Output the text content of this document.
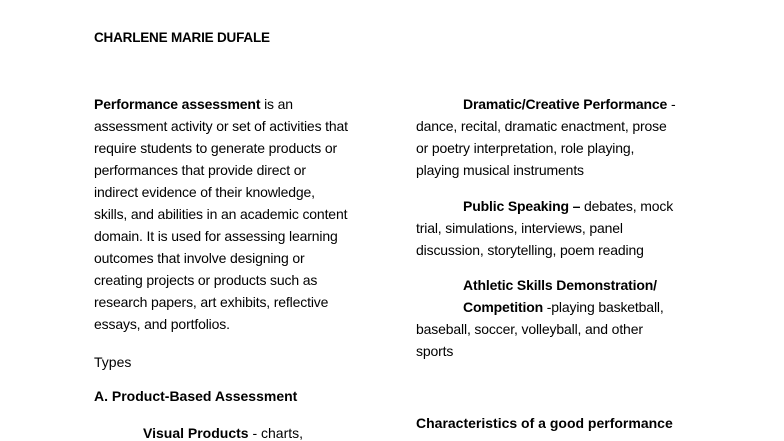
CHARLENE MARIE DUFALE
Performance assessment is an
assessment activity or set of activities that
require students to generate products or
performances that provide direct or
indirect evidence of their knowledge,
skills, and abilities in an academic content
domain. It is used for assessing learning
outcomes that involve designing or
creating projects or products such as
research papers, art exhibits, reflective
essays, and portfolios.
Types
A. Product-Based Assessment
Visual Products - charts,
Dramatic/Creative Performance -
dance, recital, dramatic enactment, prose
or poetry interpretation, role playing,
playing musical instruments
Public Speaking – debates, mock
trial, simulations, interviews, panel
discussion, storytelling, poem reading
Athletic Skills Demonstration/
Competition -playing basketball,
baseball, soccer, volleyball, and other
sports
Characteristics of a good performance
